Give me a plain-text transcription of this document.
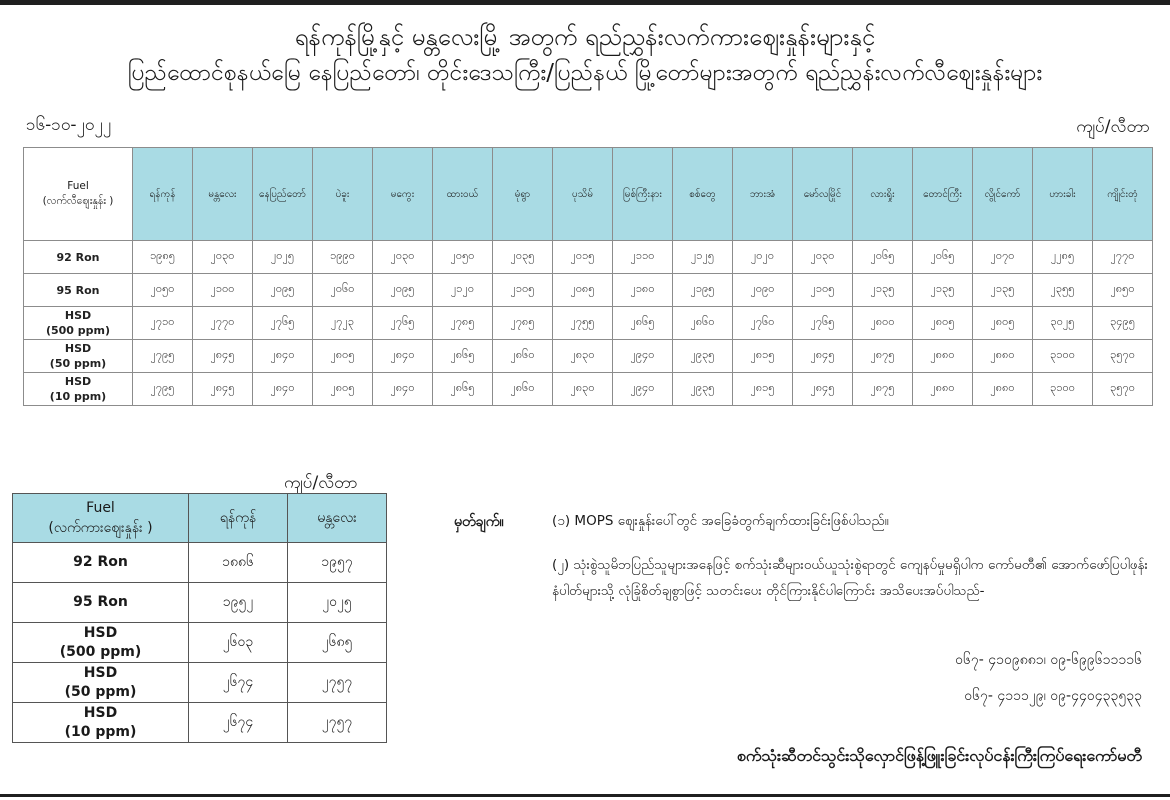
ရန်ကုန်မြို့နှင့် မန္တလေးမြို့ အတွက် ရည်ညွှန်းလက်ကားဈေးနှုန်းများနှင့်
ပြည်ထောင်စုနယ်မြေ နေပြည်တော်၊ တိုင်းဒေသကြီး/ပြည်နယ် မြို့တော်များအတွက် ရည်ညွှန်းလက်လီဈေးနှုန်းများ
၁၆-၁၀-၂၀၂၂	ကျပ်/လီတာ
Fuel
(လက်လီဈေးနှုန်း )	ရန်ကုန်	မန္တလေး	နေပြည်တော်	ပဲခူး	မကွေး	ထားဝယ်	မုံရွာ	ပုသိမ်	မြစ်ကြီးနား	စစ်တွေ	ဘားအံ	မော်လမြိုင်	လားရှိုး	တောင်ကြီး	လွိုင်ကော်	ဟားခါး	ကျိုင်းတုံ

92 Ron	၁၉၈၅	၂၀၃၀	၂၀၂၅	၁၉၉၀	၂၀၃၀	၂၀၅၀	၂၀၃၅	၂၀၁၅	၂၁၁၀	၂၁၂၅	၂၀၂၀	၂၀၃၀	၂၀၆၅	၂၀၆၅	၂၀၇၀	၂၂၈၅	၂၇၇၀

95 Ron	၂၀၅၀	၂၁၀၀	၂၀၉၅	၂၀၆၀	၂၀၉၅	၂၁၂၀	၂၁၀၅	၂၀၈၅	၂၁၈၀	၂၁၉၅	၂၀၉၀	၂၁၀၅	၂၁၃၅	၂၁၃၅	၂၁၃၅	၂၃၅၅	၂၈၅၀

HSD
(500 ppm)	၂၇၁၀	၂၇၇၀	၂၇၆၅	၂၇၂၃	၂၇၆၅	၂၇၈၅	၂၇၈၅	၂၇၅၅	၂၈၆၅	၂၈၆၀	၂၇၆၀	၂၇၆၅	၂၈၀၀	၂၈၀၅	၂၈၀၅	၃၀၂၅	၃၄၉၅

HSD
(50 ppm)	၂၇၉၅	၂၈၄၅	၂၈၄၀	၂၈၀၅	၂၈၄၀	၂၈၆၅	၂၈၆၀	၂၈၃၀	၂၉၄၀	၂၉၃၅	၂၈၁၅	၂၈၄၅	၂၈၇၅	၂၈၈၀	၂၈၈၀	၃၁၀၀	၃၅၇၀

HSD
(10 ppm)	၂၇၉၅	၂၈၄၅	၂၈၄၀	၂၈၀၅	၂၈၄၀	၂၈၆၅	၂၈၆၀	၂၈၃၀	၂၉၄၀	၂၉၃၅	၂၈၁၅	၂၈၄၅	၂၈၇၅	၂၈၈၀	၂၈၈၀	၃၁၀၀	၃၅၇၀
ကျပ်/လီတာ
Fuel
(လက်ကားဈေးနှုန်း )	ရန်ကုန်	မန္တလေး

92 Ron	၁၈၈၆	၁၉၅၇

95 Ron	၁၉၅၂	၂၀၂၅

HSD
(500 ppm)	၂၆၀၃	၂၆၈၅

HSD
(50 ppm)	၂၆၇၄	၂၇၅၇

HSD
(10 ppm)	၂၆၇၄	၂၇၅၇
မှတ်ချက်။	(၁) MOPS ဈေးနှုန်းပေါ်တွင် အခြေခံတွက်ချက်ထားခြင်းဖြစ်ပါသည်။
(၂) သုံးစွဲသူမိဘပြည်သူများအနေဖြင့် စက်သုံးဆီများဝယ်ယူသုံးစွဲရာတွင် ကျေနပ်မှုမရှိပါက ကော်မတီ၏ အောက်ဖော်ပြပါဖုန်းနံပါတ်များသို့ လုံခြုံစိတ်ချစွာဖြင့် သတင်းပေး တိုင်ကြားနိုင်ပါကြောင်း အသိပေးအပ်ပါသည်-
၀၆၇- ၄၁၀၉၈၈၁၊ ၀၉-၆၉၉၆၁၁၁၁၆
၀၆၇- ၄၁၁၁၂၉၊ ၀၉-၄၄၀၄၃၃၅၃၃
စက်သုံးဆီတင်သွင်းသိုလှောင်ဖြန့်ဖြူးခြင်းလုပ်ငန်းကြီးကြပ်ရေးကော်မတီ
